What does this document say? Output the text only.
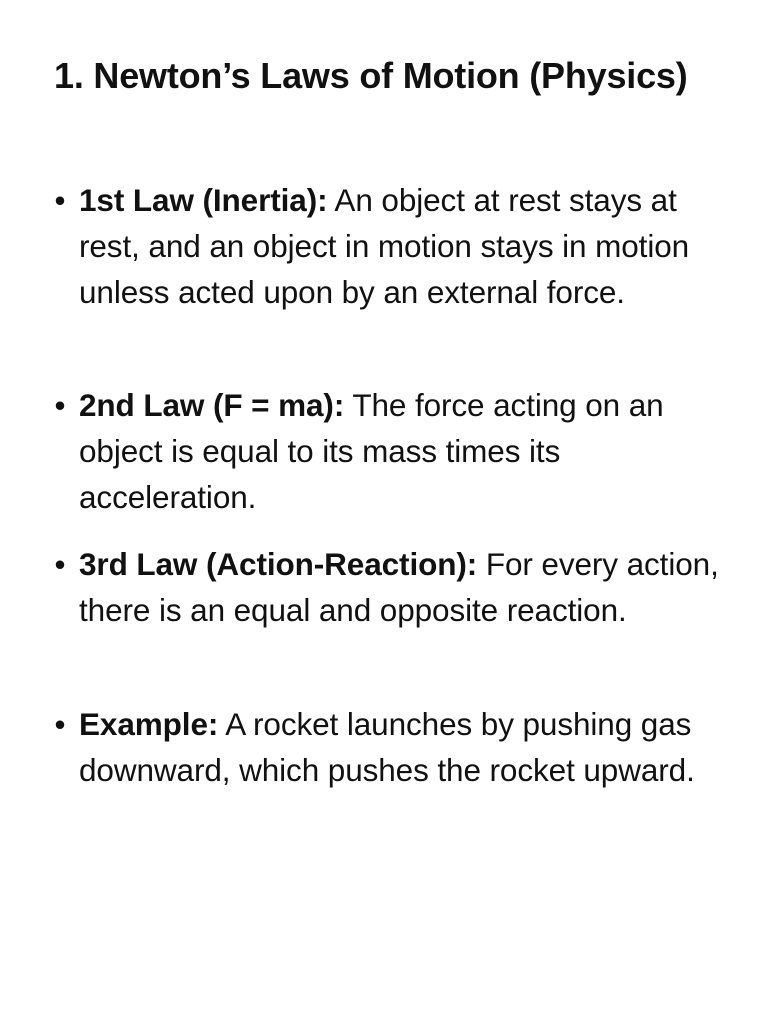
1. Newton’s Laws of Motion (Physics)
• 1st Law (Inertia): An object at rest stays at rest, and an object in motion stays in motion unless acted upon by an external force.
• 2nd Law (F = ma): The force acting on an object is equal to its mass times its acceleration.
• 3rd Law (Action-Reaction): For every action, there is an equal and opposite reaction.
• Example: A rocket launches by pushing gas downward, which pushes the rocket upward.
